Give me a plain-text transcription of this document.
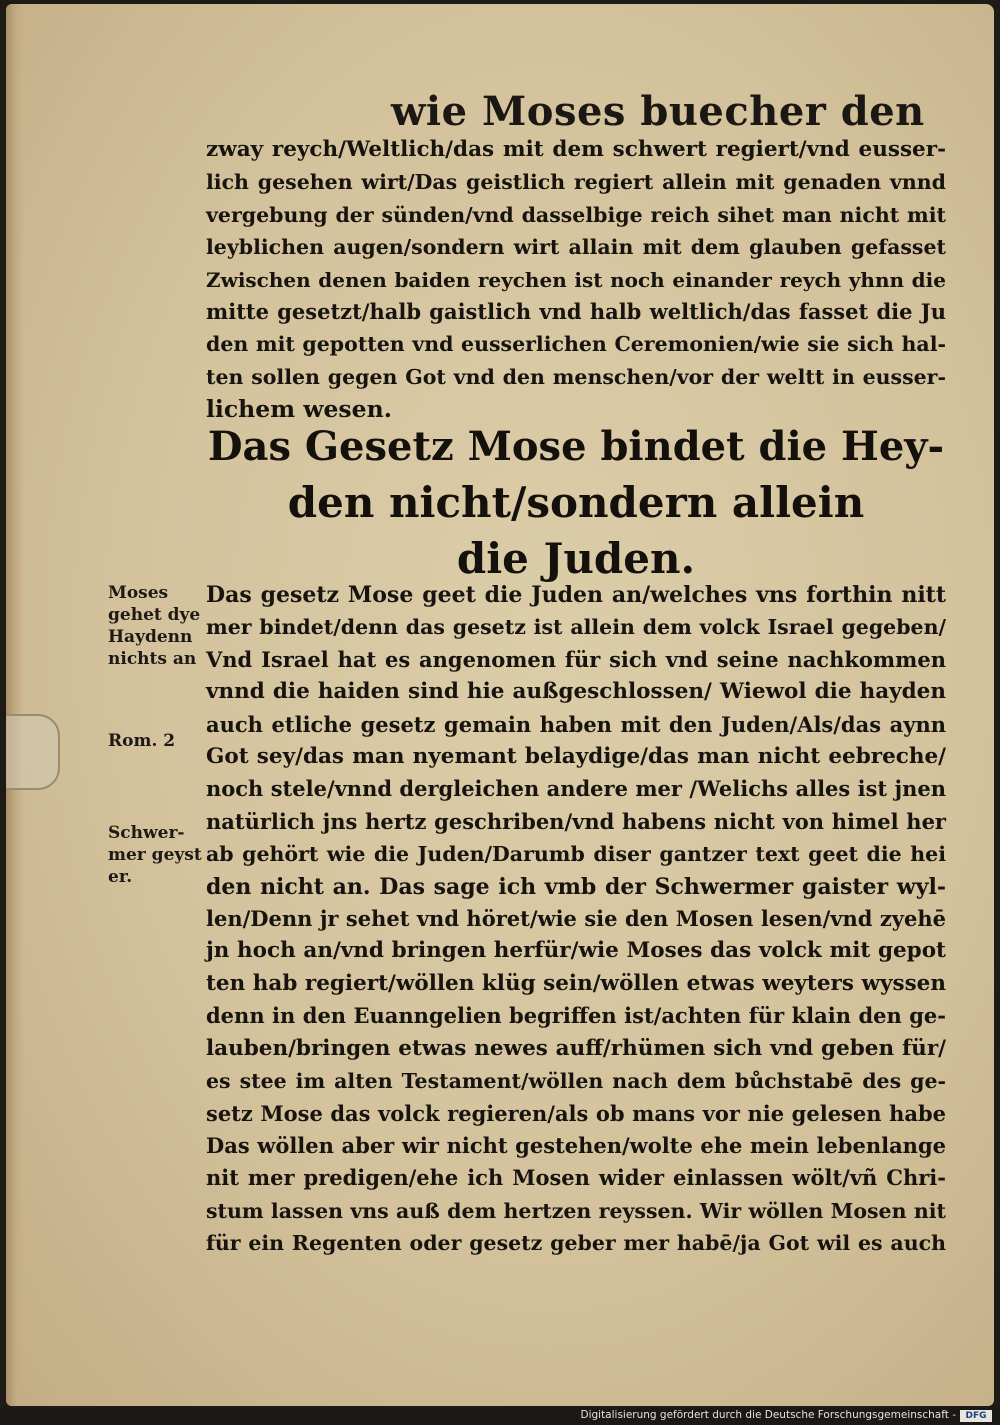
wie Moses buecher den
zway reych/Weltlich/das mit dem schwert regiert/vnd eusser-
lich gesehen wirt/Das geistlich regiert allein mit genaden vnnd
vergebung der sünden/vnd dasselbige reich sihet man nicht mit
leyblichen augen/sondern wirt allain mit dem glauben gefasset
Zwischen denen baiden reychen ist noch einander reych yhnn die
mitte gesetzt/halb gaistlich vnd halb weltlich/das fasset die Ju
den mit gepotten vnd eusserlichen Ceremonien/wie sie sich hal-
ten sollen gegen Got vnd den menschen/vor der weltt in eusser-
lichem wesen.
Das Gesetz Mose bindet die Hey-
den nicht/sondern allein
die Juden.
Moses
gehet dye
Haydenn
nichts an
Rom. 2
Schwer-
mer geyst
er.
Das gesetz Mose geet die Juden an/welches vns forthin nitt
mer bindet/denn das gesetz ist allein dem volck Israel gegeben/
Vnd Israel hat es angenomen für sich vnd seine nachkommen
vnnd die haiden sind hie außgeschlossen/ Wiewol die hayden
auch etliche gesetz gemain haben mit den Juden/Als/das aynn
Got sey/das man nyemant belaydige/das man nicht eebreche/
noch stele/vnnd dergleichen andere mer /Welichs alles ist jnen
natürlich jns hertz geschriben/vnd habens nicht von himel her
ab gehört wie die Juden/Darumb diser gantzer text geet die hei
den nicht an. Das sage ich vmb der Schwermer gaister wyl-
len/Denn jr sehet vnd höret/wie sie den Mosen lesen/vnd zyehē
jn hoch an/vnd bringen herfür/wie Moses das volck mit gepot
ten hab regiert/wöllen klüg sein/wöllen etwas weyters wyssen
denn in den Euanngelien begriffen ist/achten für klain den ge-
lauben/bringen etwas newes auff/rhümen sich vnd geben für/
es stee im alten Testament/wöllen nach dem bůchstabē des ge-
setz Mose das volck regieren/als ob mans vor nie gelesen habe
Das wöllen aber wir nicht gestehen/wolte ehe mein lebenlange
nit mer predigen/ehe ich Mosen wider einlassen wölt/vñ Chri-
stum lassen vns auß dem hertzen reyssen. Wir wöllen Mosen nit
für ein Regenten oder gesetz geber mer habē/ja Got wil es auch
Digitalisierung gefördert durch die Deutsche Forschungsgemeinschaft -	DFG
